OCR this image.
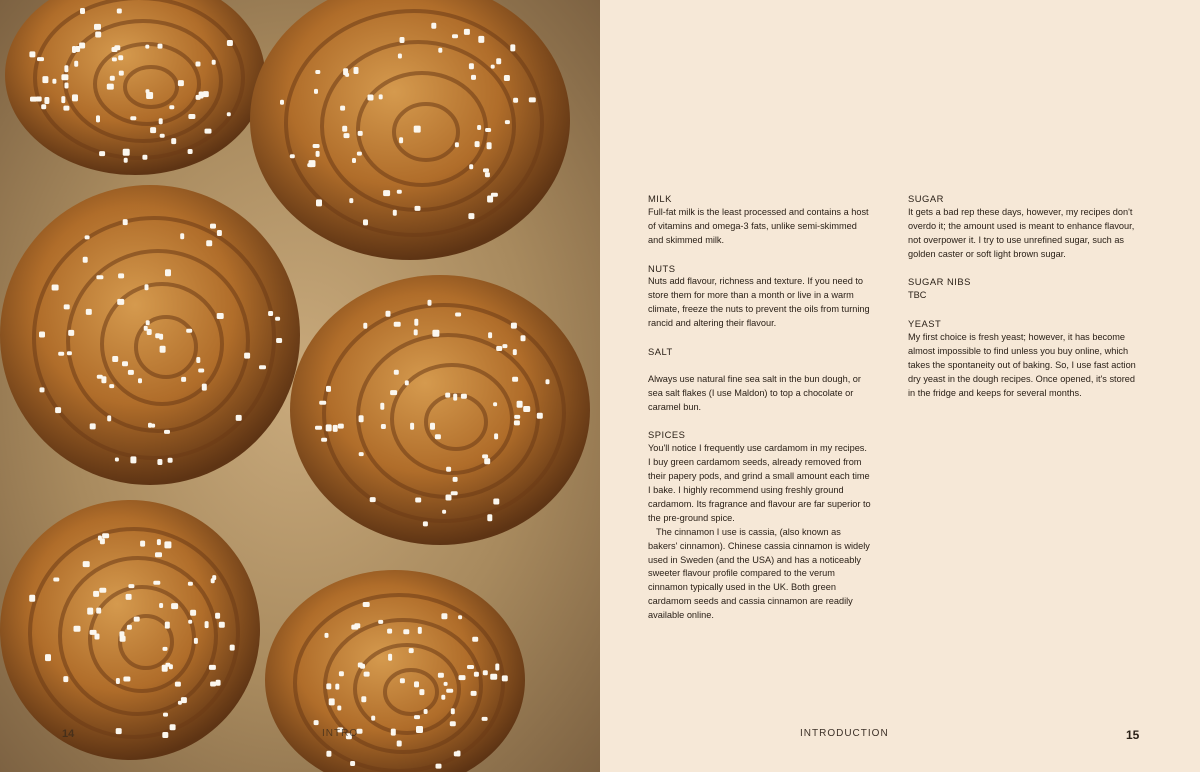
14	INTRO
MILK
Full-fat milk is the least processed and contains a host of vitamins and omega-3 fats, unlike semi-skimmed and skimmed milk.
NUTS
Nuts add flavour, richness and texture. If you need to store them for more than a month or live in a warm climate, freeze the nuts to prevent the oils from turning rancid and altering their flavour.
SALT
Always use natural fine sea salt in the bun dough, or sea salt flakes (I use Maldon) to top a chocolate or caramel bun.
SPICES
You'll notice I frequently use cardamom in my recipes. I buy green cardamom seeds, already removed from their papery pods, and grind a small amount each time I bake. I highly recommend using freshly ground cardamom. Its fragrance and flavour are far superior to the pre-ground spice.
The cinnamon I use is cassia, (also known as bakers' cinnamon). Chinese cassia cinnamon is widely used in Sweden (and the USA) and has a noticeably sweeter flavour profile compared to the verum cinnamon typically used in the UK. Both green cardamom seeds and cassia cinnamon are readily available online.
SUGAR
It gets a bad rep these days, however, my recipes don't overdo it; the amount used is meant to enhance flavour, not overpower it. I try to use unrefined sugar, such as golden caster or soft light brown sugar.
SUGAR NIBS
TBC
YEAST
My first choice is fresh yeast; however, it has become almost impossible to find unless you buy online, which takes the spontaneity out of baking. So, I use fast action dry yeast in the dough recipes. Once opened, it's stored in the fridge and keeps for several months.
INTRODUCTION	15
